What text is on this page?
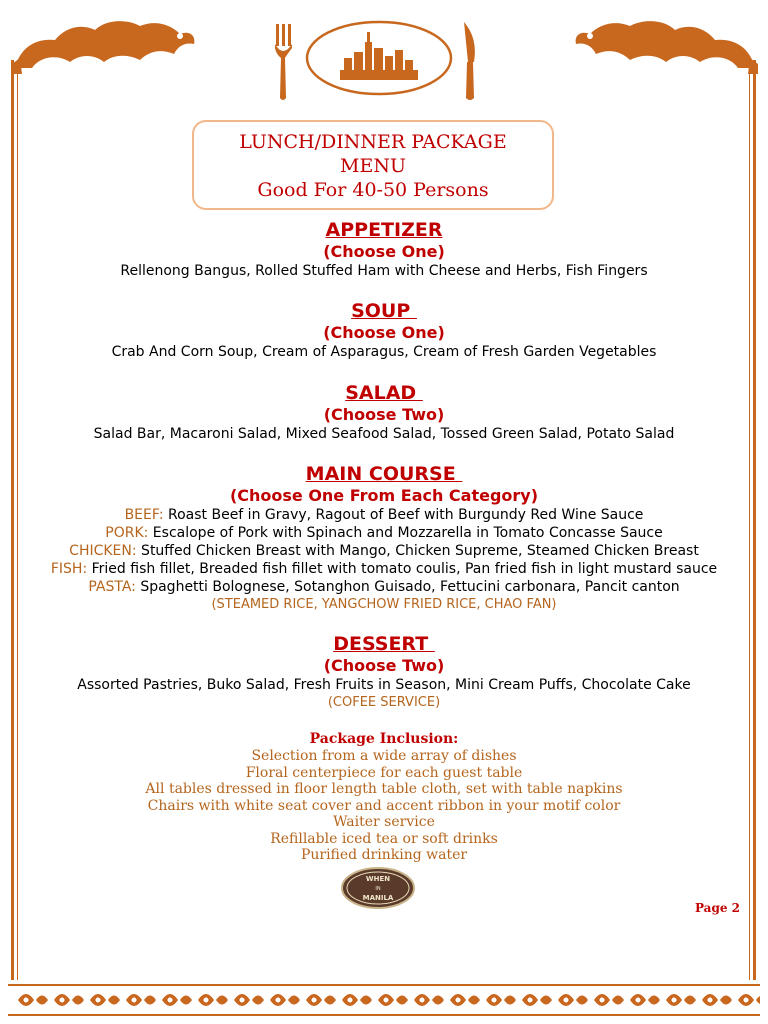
LUNCH/DINNER PACKAGE
MENU
Good For 40-50 Persons
APPETIZER
(Choose One)
Rellenong Bangus, Rolled Stuffed Ham with Cheese and Herbs, Fish Fingers
SOUP
(Choose One)
Crab And Corn Soup, Cream of Asparagus, Cream of Fresh Garden Vegetables
SALAD
(Choose Two)
Salad Bar, Macaroni Salad, Mixed Seafood Salad, Tossed Green Salad, Potato Salad
MAIN COURSE
(Choose One From Each Category)
BEEF: Roast Beef in Gravy, Ragout of Beef with Burgundy Red Wine Sauce
PORK: Escalope of Pork with Spinach and Mozzarella in Tomato Concasse Sauce
CHICKEN: Stuffed Chicken Breast with Mango, Chicken Supreme, Steamed Chicken Breast
FISH: Fried fish fillet, Breaded fish fillet with tomato coulis, Pan fried fish in light mustard sauce
PASTA: Spaghetti Bolognese, Sotanghon Guisado, Fettucini carbonara, Pancit canton
(STEAMED RICE, YANGCHOW FRIED RICE, CHAO FAN)
DESSERT
(Choose Two)
Assorted Pastries, Buko Salad, Fresh Fruits in Season, Mini Cream Puffs, Chocolate Cake
(COFEE SERVICE)
Package Inclusion:
Selection from a wide array of dishes
Floral centerpiece for each guest table
All tables dressed in floor length table cloth, set with table napkins
Chairs with white seat cover and accent ribbon in your motif color
Waiter service
Refillable iced tea or soft drinks
Purified drinking water
WHEN
IN
MANILA
Page 2
